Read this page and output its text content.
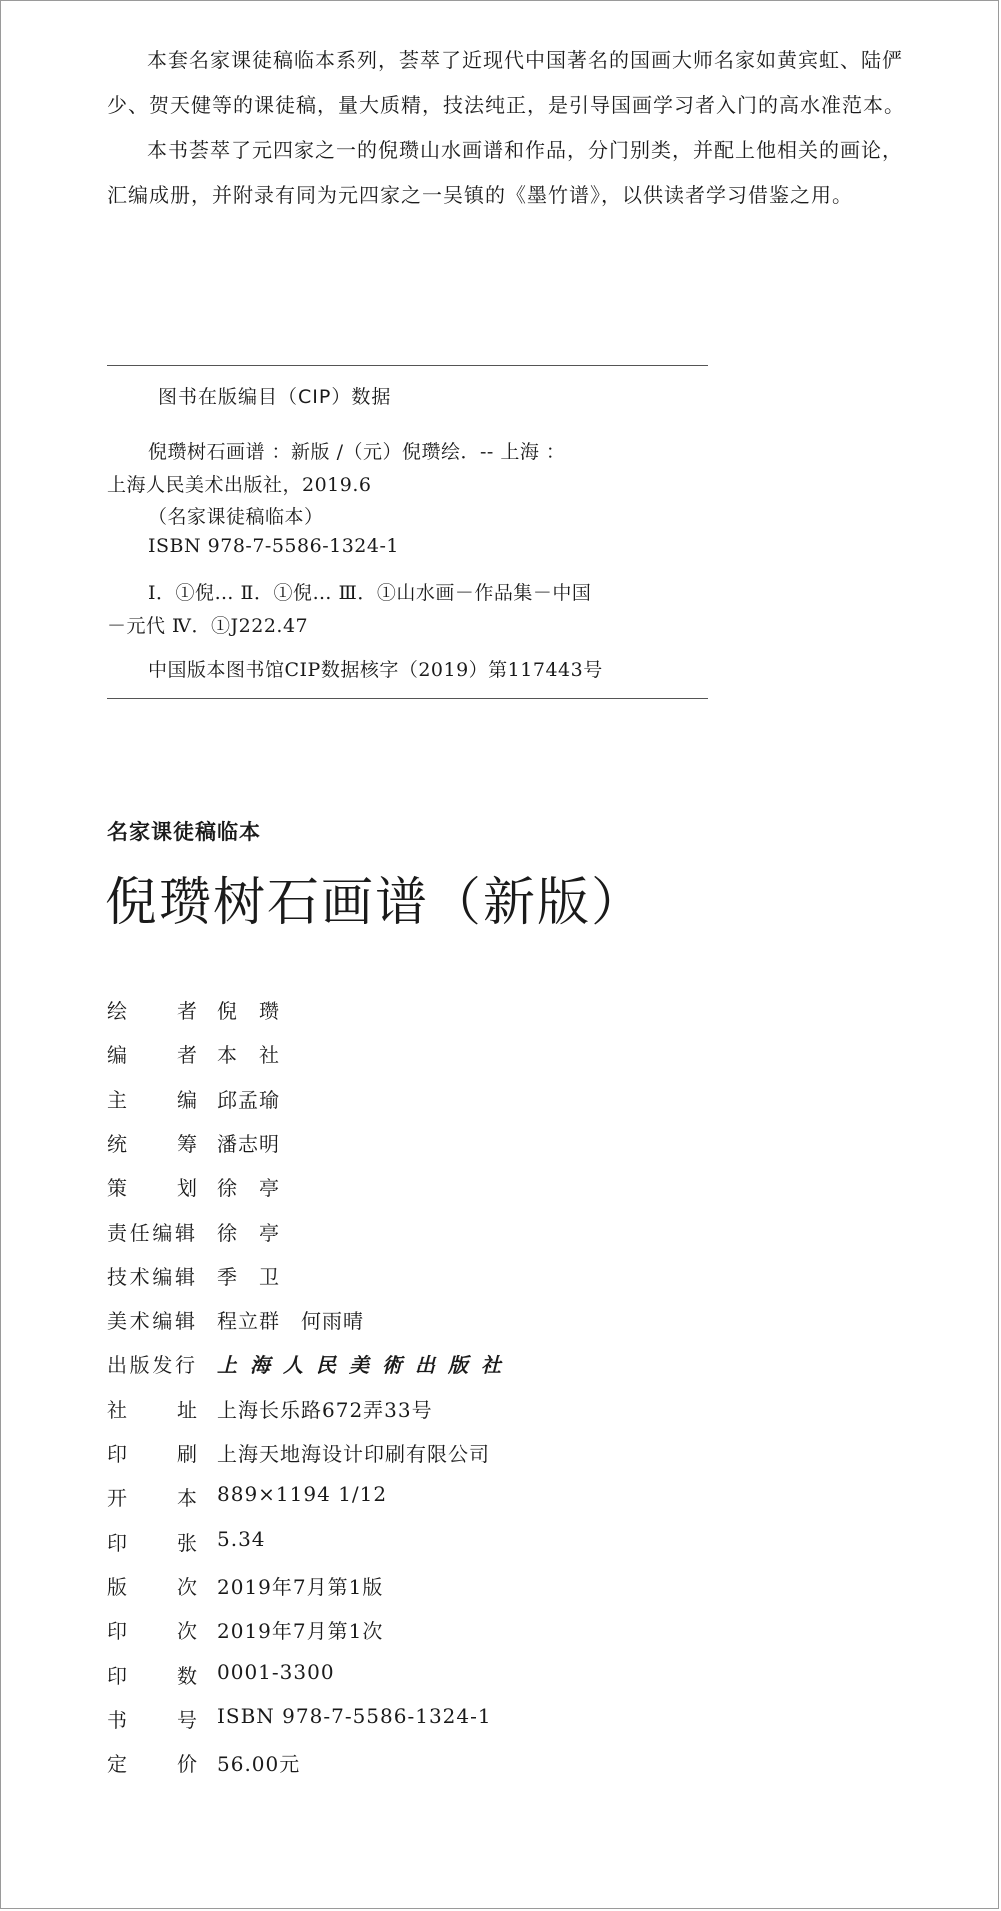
本套名家课徒稿临本系列，荟萃了近现代中国著名的国画大师名家如黄宾虹、陆俨少、贺天健等的课徒稿，量大质精，技法纯正，是引导国画学习者入门的高水准范本。

本书荟萃了元四家之一的倪瓒山水画谱和作品，分门别类，并配上他相关的画论，汇编成册，并附录有同为元四家之一吴镇的《墨竹谱》，以供读者学习借鉴之用。

图书在版编目（CIP）数据
倪瓒树石画谱 ：新版 /（元）倪瓒绘．-- 上海 ：
上海人民美术出版社，2019.6
（名家课徒稿临本）
ISBN 978-7-5586-1324-1
Ⅰ．①倪… Ⅱ．①倪… Ⅲ．①山水画－作品集－中国
－元代 Ⅳ．①J222.47
中国版本图书馆CIP数据核字（2019）第117443号
名家课徒稿临本
倪瓒树石画谱（新版）
绘	者 倪　瓒
编	者 本　社
主	编 邱孟瑜
统	筹 潘志明
策	划 徐　亭
责 任 编 辑 徐　亭
技 术 编 辑 季　卫
美 术 编 辑 程立群　何雨晴
出 版 发 行 上海人民美術出版社
社	址 上海长乐路672弄33号
印	刷 上海天地海设计印刷有限公司
开	本 889×1194 1/12
印	张 5.34
版	次 2019年7月第1版
印	次 2019年7月第1次
印	数 0001-3300
书	号 ISBN 978-7-5586-1324-1
定	价 56.00元
